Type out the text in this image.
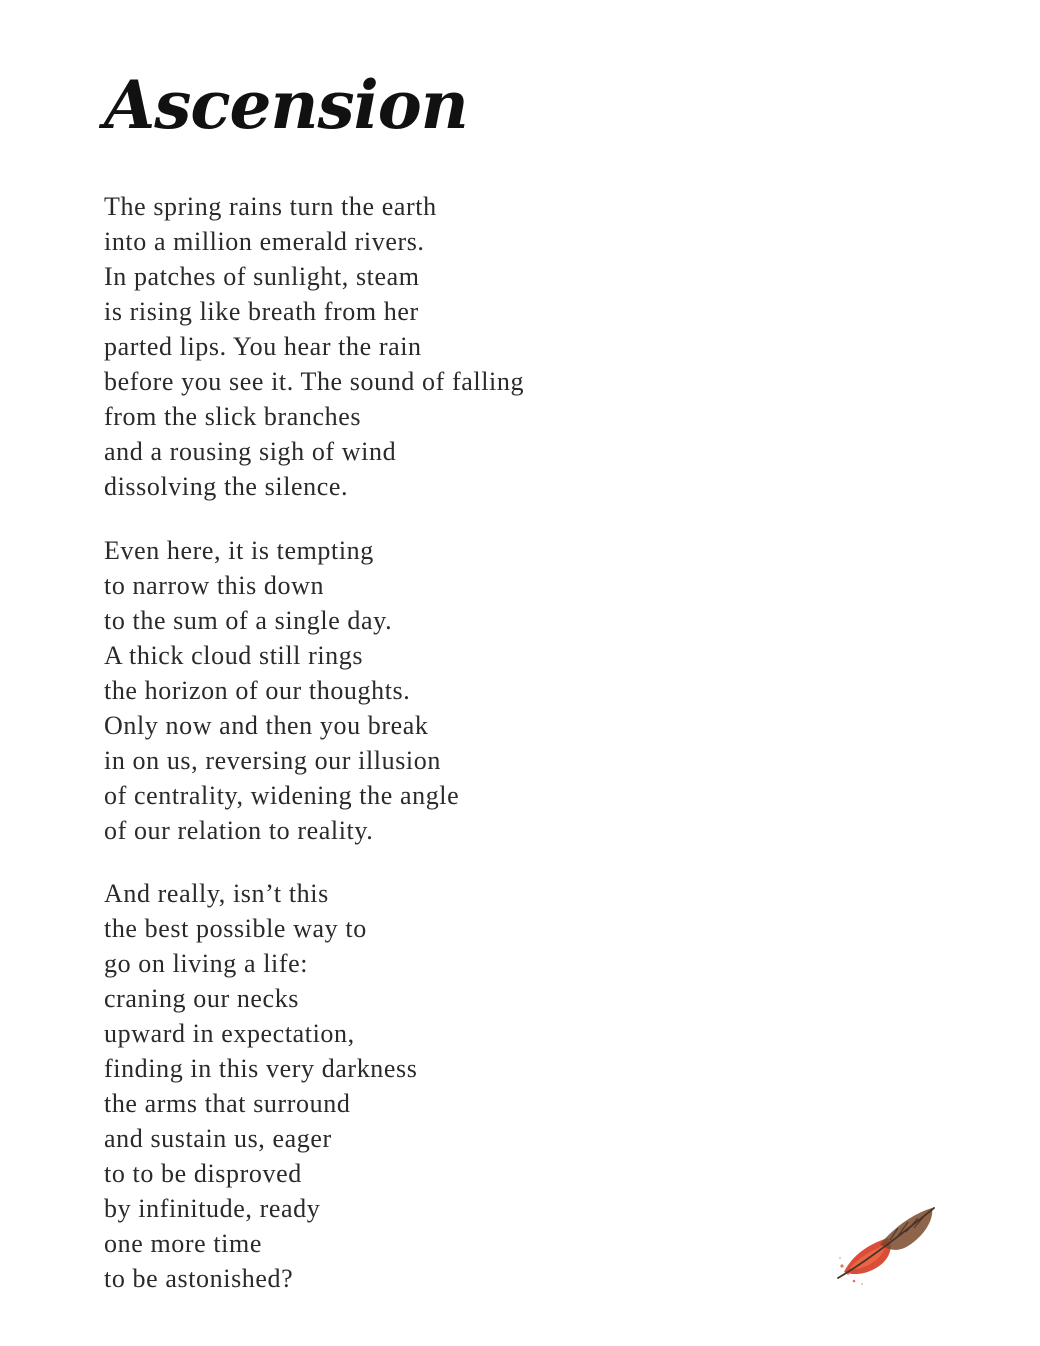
Ascension
The spring rains turn the earth
into a million emerald rivers.
In patches of sunlight, steam
is rising like breath from her
parted lips. You hear the rain
before you see it. The sound of falling
from the slick branches
and a rousing sigh of wind
dissolving the silence.
Even here, it is tempting
to narrow this down
to the sum of a single day.
A thick cloud still rings
the horizon of our thoughts.
Only now and then you break
in on us, reversing our illusion
of centrality, widening the angle
of our relation to reality.
And really, isn’t this
the best possible way to
go on living a life:
craning our necks
upward in expectation,
finding in this very darkness
the arms that surround
and sustain us, eager
to to be disproved
by infinitude, ready
one more time
to be astonished?
